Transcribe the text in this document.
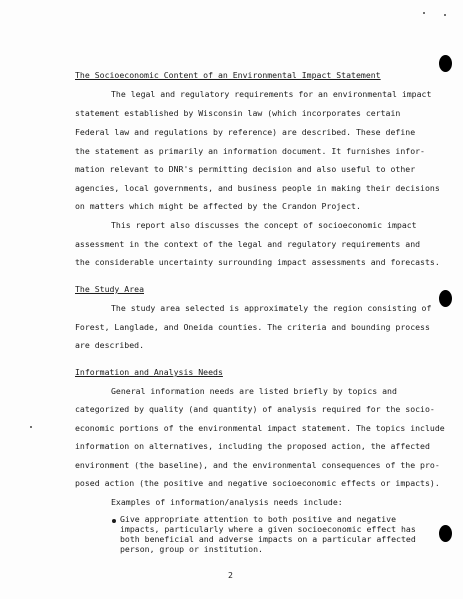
The Socioeconomic Content of an Environmental Impact Statement

The legal and regulatory requirements for an environmental impact

statement established by Wisconsin law (which incorporates certain

Federal law and regulations by reference) are described. These define

the statement as primarily an information document. It furnishes infor-

mation relevant to DNR's permitting decision and also useful to other

agencies, local governments, and business people in making their decisions

on matters which might be affected by the Crandon Project.

This report also discusses the concept of socioeconomic impact

assessment in the context of the legal and regulatory requirements and

the considerable uncertainty surrounding impact assessments and forecasts.

The Study Area

The study area selected is approximately the region consisting of

Forest, Langlade, and Oneida counties. The criteria and bounding process

are described.

Information and Analysis Needs

General information needs are listed briefly by topics and

categorized by quality (and quantity) of analysis required for the socio-

economic portions of the environmental impact statement. The topics include

information on alternatives, including the proposed action, the affected

environment (the baseline), and the environmental consequences of the pro-

posed action (the positive and negative socioeconomic effects or impacts).

Examples of information/analysis needs include:

Give appropriate attention to both positive and negative

impacts, particularly where a given socioeconomic effect has

both beneficial and adverse impacts on a particular affected

person, group or institution.

2
